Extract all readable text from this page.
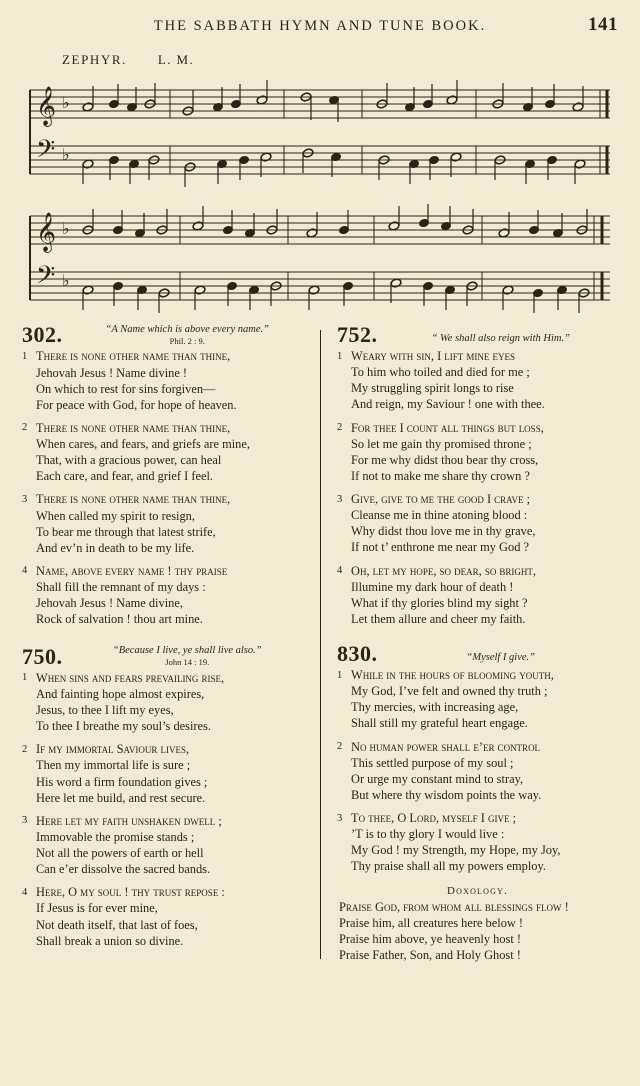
THE SABBATH HYMN AND TUNE BOOK.	141
ZEPHYR. L. M.
𝄞
𝄢
♭
♭
𝄞
𝄢
♭
♭
302.	“A Name which is above every name.”
Phil. 2 : 9.
1 There is none other name than thine,
Jehovah Jesus ! Name divine !
On which to rest for sins forgiven—
For peace with God, for hope of heaven.
2 There is none other name than thine,
When cares, and fears, and griefs are mine,
That, with a gracious power, can heal
Each care, and fear, and grief I feel.
3 There is none other name than thine,
When called my spirit to resign,
To bear me through that latest strife,
And ev’n in death to be my life.
4 Name, above every name ! thy praise
Shall fill the remnant of my days :
Jehovah Jesus ! Name divine,
Rock of salvation ! thou art mine.
750.	“Because I live, ye shall live also.”
John 14 : 19.
1 When sins and fears prevailing rise,
And fainting hope almost expires,
Jesus, to thee I lift my eyes,
To thee I breathe my soul’s desires.
2 If my immortal Saviour lives,
Then my immortal life is sure ;
His word a firm foundation gives ;
Here let me build, and rest secure.
3 Here let my faith unshaken dwell ;
Immovable the promise stands ;
Not all the powers of earth or hell
Can e’er dissolve the sacred bands.
4 Here, O my soul ! thy trust repose :
If Jesus is for ever mine,
Not death itself, that last of foes,
Shall break a union so divine.
752.	“ We shall also reign with Him.”
1 Weary with sin, I lift mine eyes
To him who toiled and died for me ;
My struggling spirit longs to rise
And reign, my Saviour ! one with thee.
2 For thee I count all things but loss,
So let me gain thy promised throne ;
For me why didst thou bear thy cross,
If not to make me share thy crown ?
3 Give, give to me the good I crave ;
Cleanse me in thine atoning blood :
Why didst thou love me in thy grave,
If not t’ enthrone me near my God ?
4 Oh, let my hope, so dear, so bright,
Illumine my dark hour of death !
What if thy glories blind my sight ?
Let them allure and cheer my faith.
830.	“Myself I give.”
1 While in the hours of blooming youth,
My God, I’ve felt and owned thy truth ;
Thy mercies, with increasing age,
Shall still my grateful heart engage.
2 No human power shall e’er control
This settled purpose of my soul ;
Or urge my constant mind to stray,
But where thy wisdom points the way.
3 To thee, O Lord, myself I give ;
’T is to thy glory I would live :
My God ! my Strength, my Hope, my Joy,
Thy praise shall all my powers employ.
Doxology.
Praise God, from whom all blessings flow !
Praise him, all creatures here below !
Praise him above, ye heavenly host !
Praise Father, Son, and Holy Ghost !
